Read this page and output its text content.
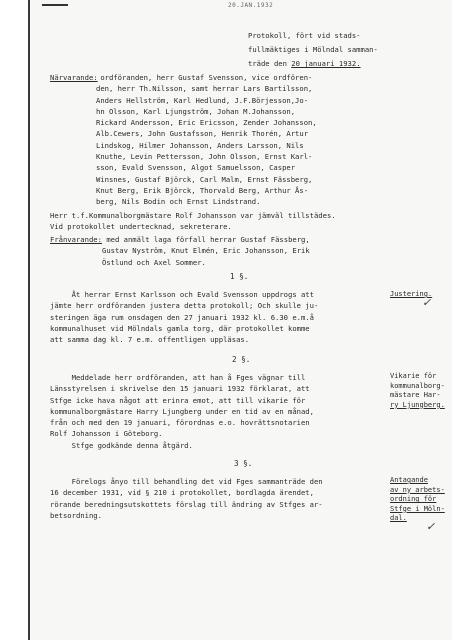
20.JAN.1932
Protokoll, fört vid stads-
fullmäktiges i Mölndal samman-
träde den 20 januari 1932.
Närvarande:
ordföranden, herr Gustaf Svensson, vice ordfören-
den, herr Th.Nilsson, samt herrar Lars Bartilsson,
Anders Hellström, Karl Hedlund, J.F.Börjesson,Jo-
hn Olsson, Karl Ljungström, Johan M.Johansson,
Rickard Andersson, Eric Ericsson, Zender Johansson,
Alb.Cewers, John Gustafsson, Henrik Thorén, Artur
Lindskog, Hilmer Johansson, Anders Larsson, Nils
Knuthe, Levin Pettersson, John Olsson, Ernst Karl-
sson, Evald Svensson, Algot Samuelsson, Casper
Winsnes, Gustaf Björck, Carl Malm, Ernst Fässberg,
Knut Berg, Erik Björck, Thorvald Berg, Arthur Ås-
berg, Nils Bodin och Ernst Lindstrand.
Herr t.f.Kommunalborgmästare Rolf Johansson var jämväl tillstädes.
Vid protokollet undertecknad, sekreterare.
Frånvarande: med anmält laga förfall herrar Gustaf Fässberg,
Gustav Nyström, Knut Elmén, Eric Johansson, Erik
Östlund och Axel Sommer.
1 §.
Åt herrar Ernst Karlsson och Evald Svensson uppdrogs att
jämte herr ordföranden justera detta protokoll; Och skulle ju-
steringen äga rum onsdagen den 27 januari 1932 kl. 6.30 e.m.å
kommunalhuset vid Mölndals gamla torg, där protokollet komme
att samma dag kl. 7 e.m. offentligen uppläsas.
Justering.
✓
2 §.
Meddelade herr ordföranden, att han å Fges vägnar till
Länsstyrelsen i skrivelse den 15 januari 1932 förklarat, att
Stfge icke hava något att erinra emot, att till vikarie för
kommunalborgmästare Harry Ljungberg under en tid av en månad,
från och med den 19 januari, förordnas e.o. hovrättsnotarien
Rolf Johansson i Göteborg.
Stfge godkände denna åtgärd.
Vikarie för
kommunalborg-
mästare Har-
ry Ljungberg.
3 §.
Förelogs ånyo till behandling det vid Fges sammanträde den
16 december 1931, vid § 210 i protokollet, bordlagda ärendet,
rörande beredningsutskottets förslag till ändring av Stfges ar-
betsordning.
Antagande
av ny arbets-
ordning för
Stfge i Möln-
dal.
✓
